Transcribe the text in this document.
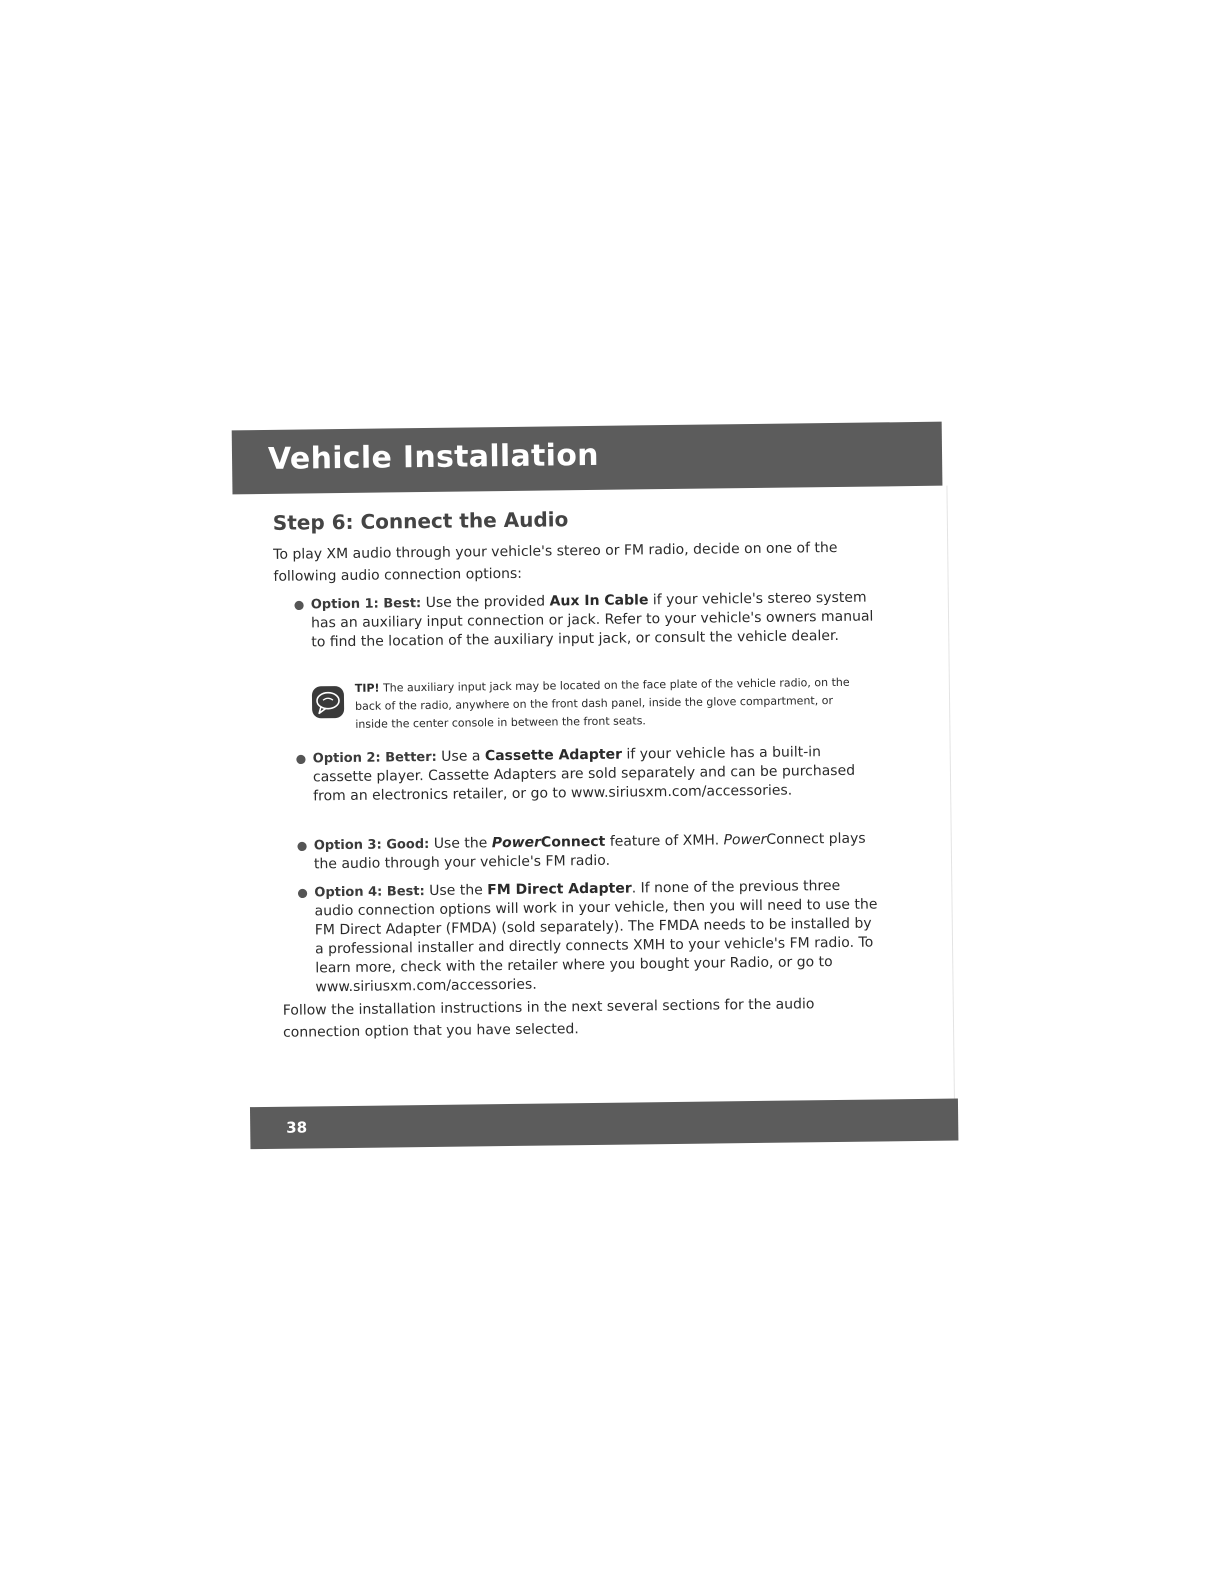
Vehicle Installation
Step 6: Connect the Audio
To play XM audio through your vehicle's stereo or FM radio, decide on one of the following audio connection options:
● Option 1: Best: Use the provided Aux In Cable if your vehicle's stereo system has an auxiliary input connection or jack. Refer to your vehicle's owners manual to find the location of the auxiliary input jack, or consult the vehicle dealer.
TIP! The auxiliary input jack may be located on the face plate of the vehicle radio, on the back of the radio, anywhere on the front dash panel, inside the glove compartment, or inside the center console in between the front seats.
● Option 2: Better: Use a Cassette Adapter if your vehicle has a built-in cassette player. Cassette Adapters are sold separately and can be purchased from an electronics retailer, or go to www.siriusxm.com/accessories.
● Option 3: Good: Use the PowerConnect feature of XMH. PowerConnect plays the audio through your vehicle's FM radio.
● Option 4: Best: Use the FM Direct Adapter. If none of the previous three audio connection options will work in your vehicle, then you will need to use the FM Direct Adapter (FMDA) (sold separately). The FMDA needs to be installed by a professional installer and directly connects XMH to your vehicle's FM radio. To learn more, check with the retailer where you bought your Radio, or go to www.siriusxm.com/accessories.
Follow the installation instructions in the next several sections for the audio connection option that you have selected.
38
